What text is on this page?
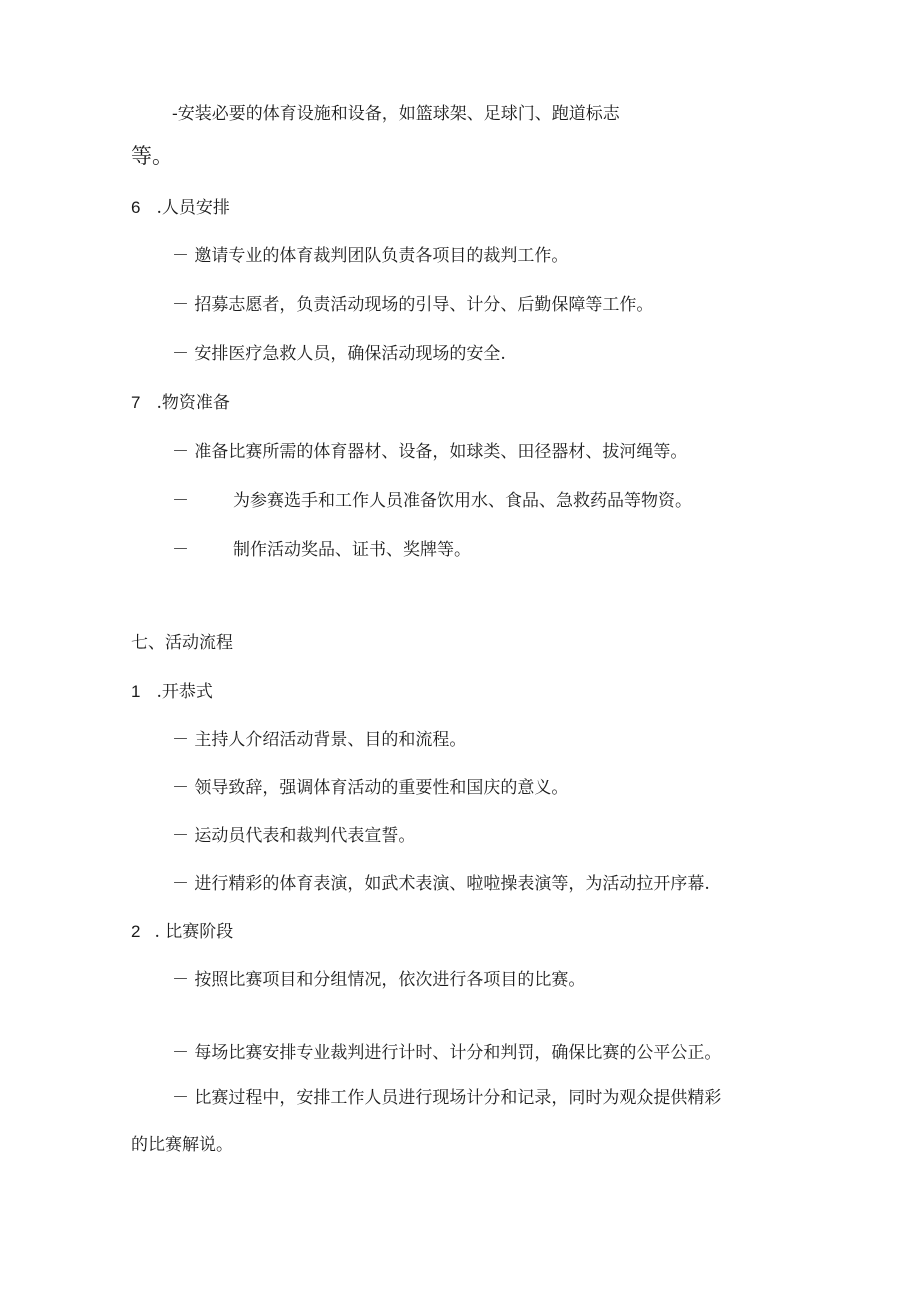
-安装必要的体育设施和设备，如篮球架、足球门、跑道标志
等。
6 .人员安排
－ 邀请专业的体育裁判团队负责各项目的裁判工作。
－ 招募志愿者，负责活动现场的引导、计分、后勤保障等工作。
－ 安排医疗急救人员，确保活动现场的安全.
7 .物资准备
－ 准备比赛所需的体育器材、设备，如球类、田径器材、拔河绳等。
－	为参赛选手和工作人员准备饮用水、食品、急救药品等物资。
－	制作活动奖品、证书、奖牌等。
七、活动流程
1 .开恭式
－ 主持人介绍活动背景、目的和流程。
－ 领导致辞，强调体育活动的重要性和国庆的意义。
－ 运动员代表和裁判代表宣誓。
－ 进行精彩的体育表演，如武术表演、啦啦操表演等，为活动拉开序幕.
2 . 比赛阶段
－ 按照比赛项目和分组情况，依次进行各项目的比赛。
－ 每场比赛安排专业裁判进行计时、计分和判罚，确保比赛的公平公正。
－ 比赛过程中，安排工作人员进行现场计分和记录，同时为观众提供精彩
的比赛解说。
